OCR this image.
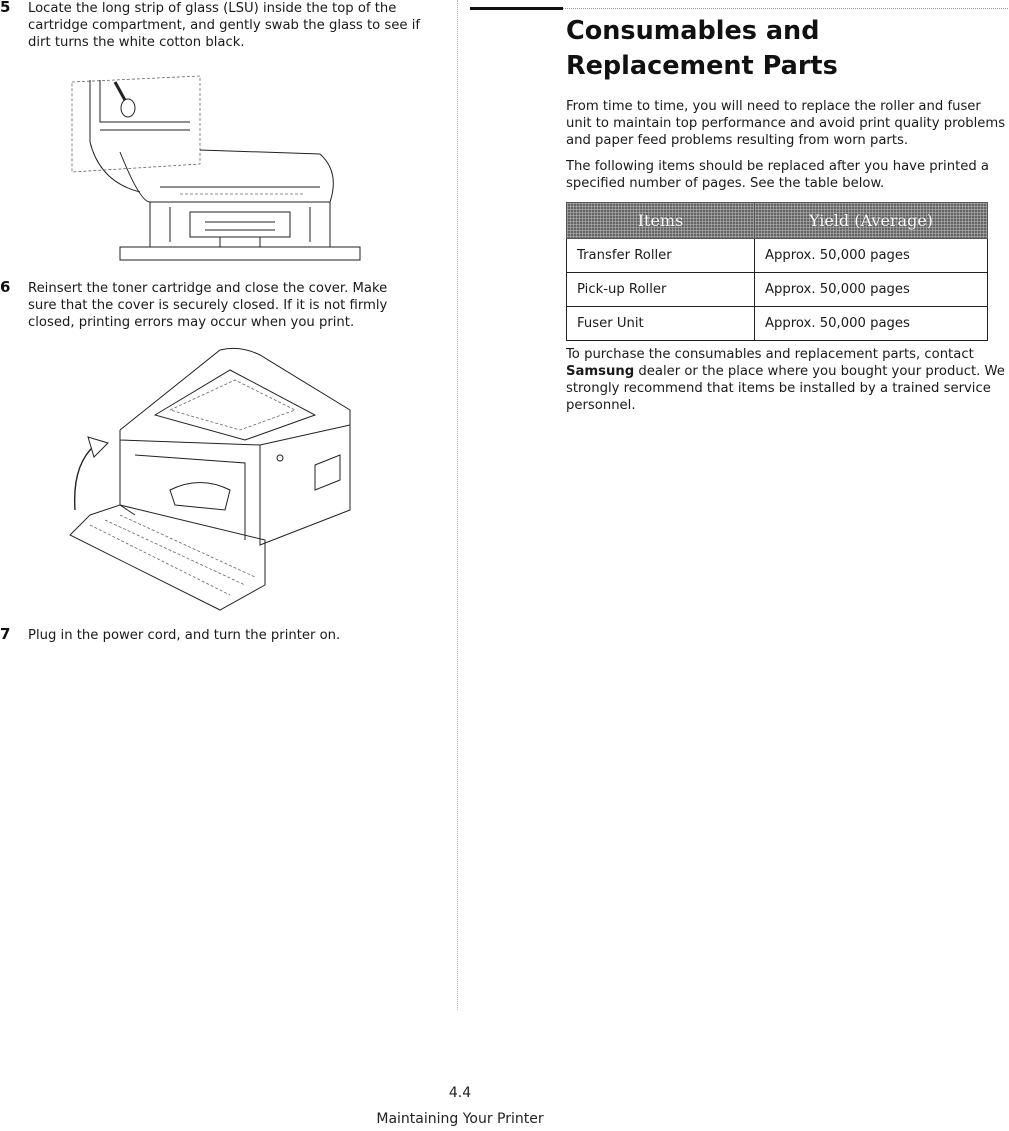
5 Locate the long strip of glass (LSU) inside the top of the
cartridge compartment, and gently swab the glass to see if
dirt turns the white cotton black.
6 Reinsert the toner cartridge and close the cover. Make
sure that the cover is securely closed. If it is not firmly
closed, printing errors may occur when you print.
7 Plug in the power cord, and turn the printer on.
Consumables and Replacement Parts
From time to time, you will need to replace the roller and fuser unit to maintain top performance and avoid print quality problems and paper feed problems resulting from worn parts.
The following items should be replaced after you have printed a specified number of pages. See the table below.
Items	Yield (Average)
Transfer Roller	Approx. 50,000 pages
Pick-up Roller	Approx. 50,000 pages
Fuser Unit	Approx. 50,000 pages
To purchase the consumables and replacement parts, contact Samsung dealer or the place where you bought your product. We strongly recommend that items be installed by a trained service personnel.
4.4
Maintaining Your Printer
